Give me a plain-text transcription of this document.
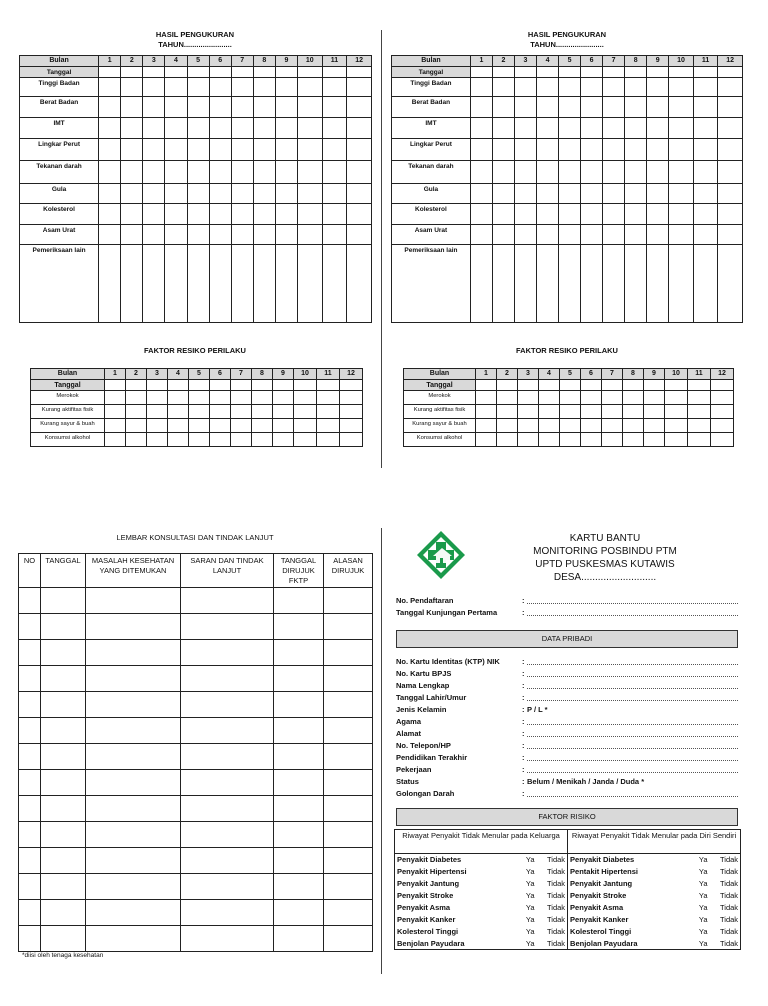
HASIL PENGUKURAN
TAHUN.......................
Bulan	1	2	3	4	5	6	7	8	9	10	11	12
Tanggal												
Tinggi Badan												
Berat Badan												
IMT												
Lingkar Perut												
Tekanan darah												
Gula												
Kolesterol												
Asam Urat												
Pemeriksaan lain												
HASIL PENGUKURAN
TAHUN.......................
Bulan	1	2	3	4	5	6	7	8	9	10	11	12
Tanggal												
Tinggi Badan												
Berat Badan												
IMT												
Lingkar Perut												
Tekanan darah												
Gula												
Kolesterol												
Asam Urat												
Pemeriksaan lain												
FAKTOR RESIKO PERILAKU
Bulan	1	2	3	4	5	6	7	8	9	10	11	12
Tanggal												
Merokok												
Kurang aktifitas fisik												
Kurang sayur & buah												
Konsumsi alkohol												
FAKTOR RESIKO PERILAKU
Bulan	1	2	3	4	5	6	7	8	9	10	11	12
Tanggal												
Merokok												
Kurang aktifitas fisik												
Kurang sayur & buah												
Konsumsi alkohol												
LEMBAR KONSULTASI DAN TINDAK LANJUT
NO	TANGGAL	MASALAH KESEHATAN YANG DITEMUKAN	SARAN DAN TINDAK LANJUT	TANGGAL DIRUJUK FKTP	ALASAN DIRUJUK

*diisi oleh tenaga kesehatan
KARTU BANTU
MONITORING POSBINDU PTM
UPTD PUSKESMAS KUTAWIS
DESA...........................
No. Pendaftaran	:
Tanggal Kunjungan Pertama	:
DATA PRIBADI
No. Kartu Identitas (KTP) NIK	:
No. Kartu BPJS	:
Nama Lengkap	:
Tanggal Lahir/Umur	:
Jenis Kelamin	: P / L *
Agama	:
Alamat	:
No. Telepon/HP	:
Pendidikan Terakhir	:
Pekerjaan	:
Status	: Belum / Menikah / Janda / Duda *
Golongan Darah	:
FAKTOR RISIKO
Riwayat Penyakit Tidak Menular pada Keluarga			Riwayat Penyakit Tidak Menular pada Diri Sendiri		
Penyakit Diabetes	Ya	Tidak	Penyakit Diabetes	Ya	Tidak
Penyakit Hipertensi	Ya	Tidak	Pentakit Hipertensi	Ya	Tidak
Penyakit Jantung	Ya	Tidak	Penyakit Jantung	Ya	Tidak
Penyakit Stroke	Ya	Tidak	Penyakit Stroke	Ya	Tidak
Penyakit Asma	Ya	Tidak	Penyakit Asma	Ya	Tidak
Penyakit Kanker	Ya	Tidak	Penyakit Kanker	Ya	Tidak
Kolesterol Tinggi	Ya	Tidak	Kolesterol Tinggi	Ya	Tidak
Benjolan Payudara	Ya	Tidak	Benjolan Payudara	Ya	Tidak
